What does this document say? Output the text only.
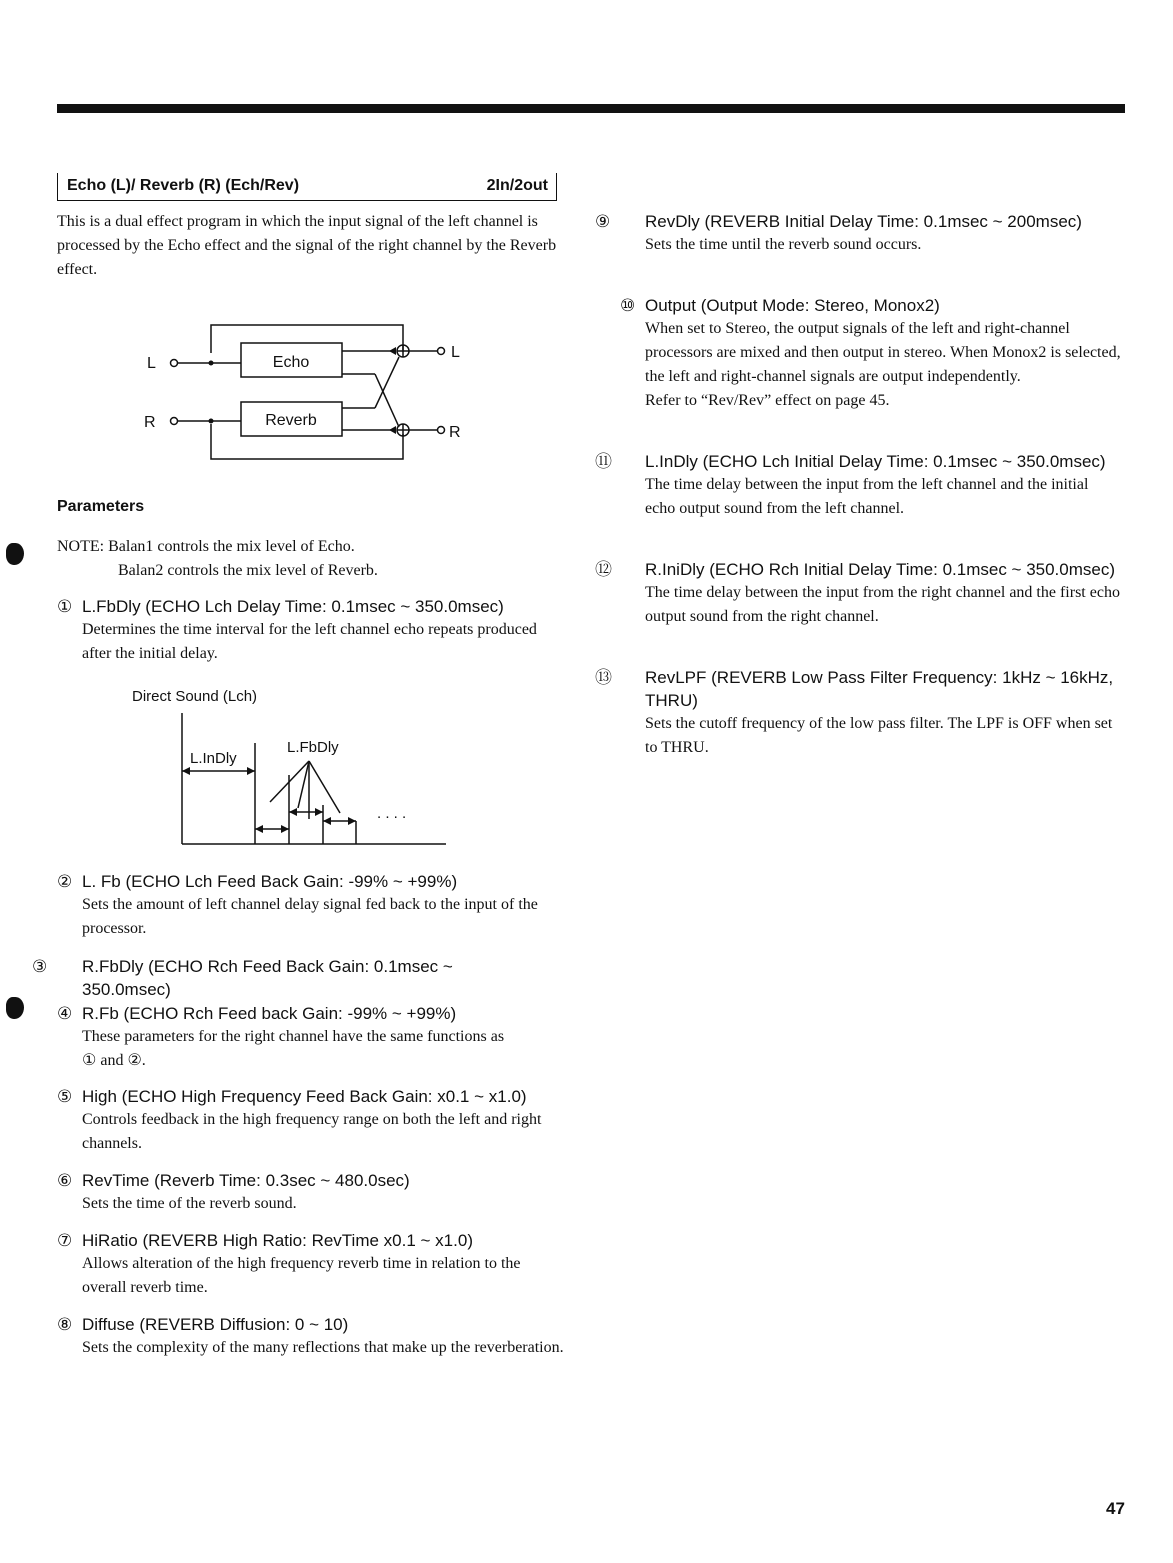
Echo (L)/ Reverb (R) (Ech/Rev)	2In/2out
This is a dual effect program in which the input signal of the left channel is processed by the Echo effect and the signal of the right channel by the Reverb effect.
L
R
L
R
Echo
Reverb
Parameters
NOTE: Balan1 controls the mix level of Echo.
Balan2 controls the mix level of Reverb.
① L.FbDly (ECHO Lch Delay Time: 0.1msec ~ 350.0msec)
Determines the time interval for the left channel echo repeats produced after the initial delay.
Direct Sound (Lch)
L.InDly
L.FbDly
. . . .
② L. Fb (ECHO Lch Feed Back Gain: -99% ~ +99%)
Sets the amount of left channel delay signal fed back to the input of the processor.
③ R.FbDly (ECHO Rch Feed Back Gain: 0.1msec ~ 350.0msec)
④ R.Fb (ECHO Rch Feed back Gain: -99% ~ +99%)
These parameters for the right channel have the same functions as ① and ②.
⑤ High (ECHO High Frequency Feed Back Gain: x0.1 ~ x1.0)
Controls feedback in the high frequency range on both the left and right channels.
⑥ RevTime (Reverb Time: 0.3sec ~ 480.0sec)
Sets the time of the reverb sound.
⑦ HiRatio (REVERB High Ratio: RevTime x0.1 ~ x1.0)
Allows alteration of the high frequency reverb time in relation to the overall reverb time.
⑧ Diffuse (REVERB Diffusion: 0 ~ 10)
Sets the complexity of the many reflections that make up the reverberation.
⑨ RevDly (REVERB Initial Delay Time: 0.1msec ~ 200msec)
Sets the time until the reverb sound occurs.
⑩ Output (Output Mode: Stereo, Monox2)
When set to Stereo, the output signals of the left and right-channel processors are mixed and then output in stereo. When Monox2 is selected, the left and right-channel signals are output independently.
Refer to “Rev/Rev” effect on page 45.
⑪ L.InDly (ECHO Lch Initial Delay Time: 0.1msec ~ 350.0msec)
The time delay between the input from the left channel and the initial echo output sound from the left channel.
⑫ R.IniDly (ECHO Rch Initial Delay Time: 0.1msec ~ 350.0msec)
The time delay between the input from the right channel and the first echo output sound from the right channel.
⑬ RevLPF (REVERB Low Pass Filter Frequency: 1kHz ~ 16kHz, THRU)
Sets the cutoff frequency of the low pass filter. The LPF is OFF when set to THRU.
47
